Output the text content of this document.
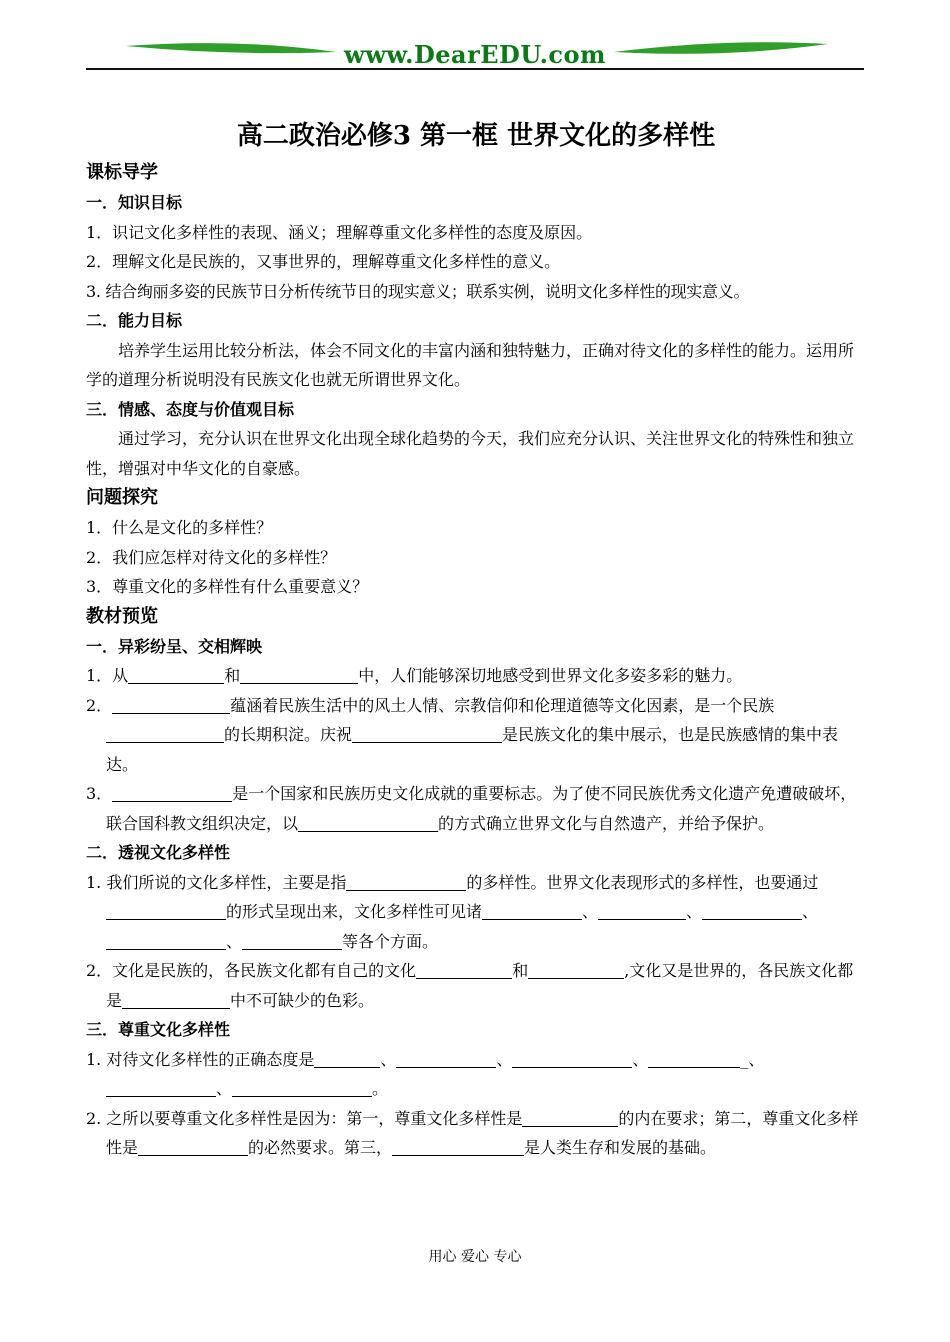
www.DearEDU.com
高二政治必修3 第一框 世界文化的多样性

课标导学

一．知识目标

1．识记文化多样性的表现、涵义；理解尊重文化多样性的态度及原因。

2．理解文化是民族的，又事世界的，理解尊重文化多样性的意义。

3. 结合绚丽多姿的民族节日分析传统节日的现实意义；联系实例，说明文化多样性的现实意义。

二．能力目标

培养学生运用比较分析法，体会不同文化的丰富内涵和独特魅力，正确对待文化的多样性的能力。运用所学的道理分析说明没有民族文化也就无所谓世界文化。

三．情感、态度与价值观目标

通过学习，充分认识在世界文化出现全球化趋势的今天，我们应充分认识、关注世界文化的特殊性和独立性，增强对中华文化的自豪感。

问题探究

1．什么是文化的多样性？

2．我们应怎样对待文化的多样性？

3．尊重文化的多样性有什么重要意义？

教材预览

一．异彩纷呈、交相辉映

1．从	和	中，人们能够深切地感受到世界文化多姿多彩的魅力。

2．	蕴涵着民族生活中的风土人情、宗教信仰和伦理道德等文化因素，是一个民族的长期积淀。庆祝	是民族文化的集中展示，也是民族感情的集中表达。

3．	是一个国家和民族历史文化成就的重要标志。为了使不同民族优秀文化遗产免遭破破坏，联合国科教文组织决定，以	的方式确立世界文化与自然遗产，并给予保护。

二．透视文化多样性

1. 我们所说的文化多样性，主要是指	的多样性。世界文化表现形式的多样性，也要通过的形式呈现出来，文化多样性可见诸	、	、	、、	等各个方面。

2．文化是民族的，各民族文化都有自己的文化	和	,文化又是世界的，各民族文化都是	中不可缺少的色彩。

三．尊重文化多样性

1. 对待文化多样性的正确态度是	、	、	、	_、、	。

2. 之所以要尊重文化多样性是因为：第一，尊重文化多样性是	的内在要求；第二，尊重文化多样性是	的必然要求。第三，	是人类生存和发展的基础。

用心 爱心 专心
